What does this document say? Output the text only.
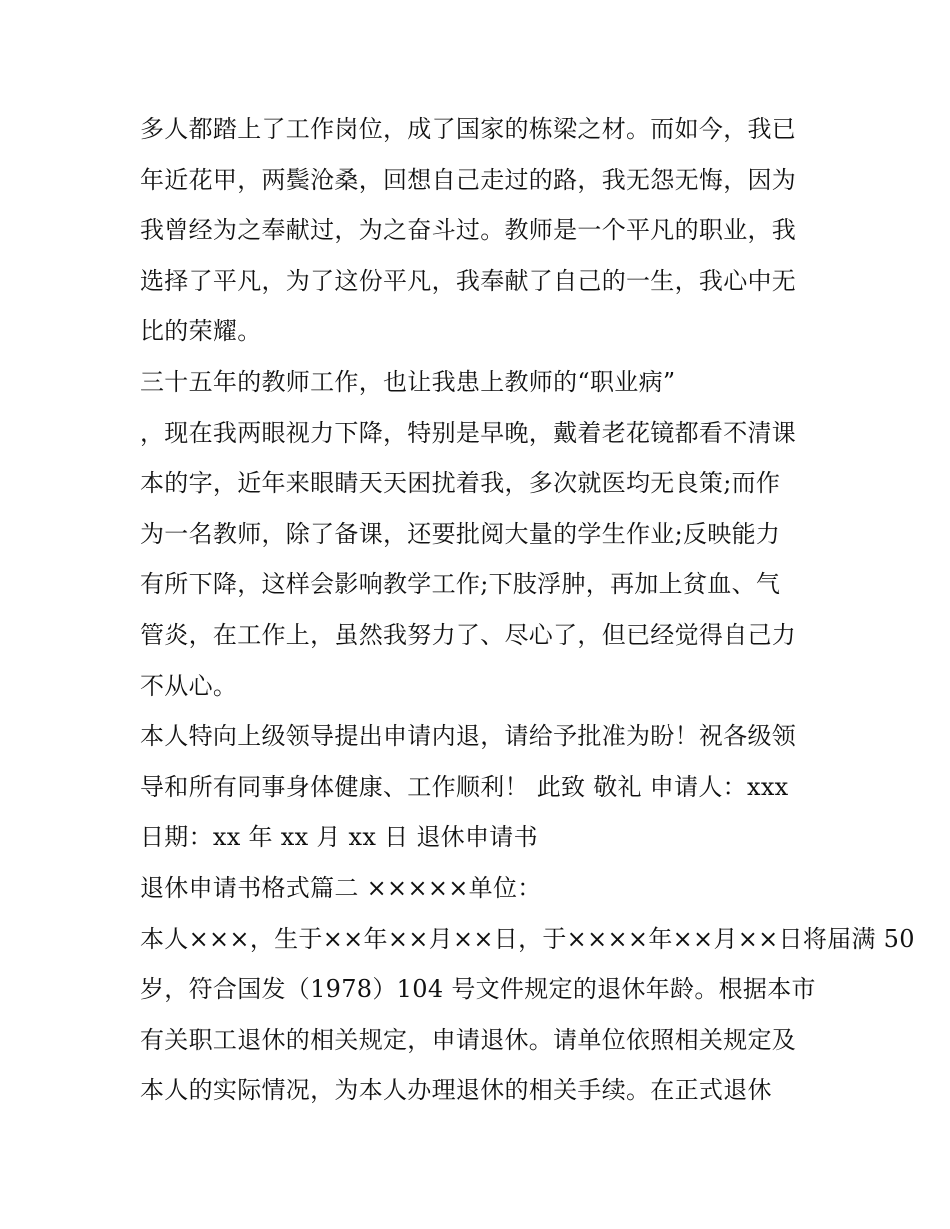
多人都踏上了工作岗位，成了国家的栋梁之材。而如今，我已
年近花甲，两鬓沧桑，回想自己走过的路，我无怨无悔，因为
我曾经为之奉献过，为之奋斗过。教师是一个平凡的职业，我
选择了平凡，为了这份平凡，我奉献了自己的一生，我心中无
比的荣耀。
三十五年的教师工作，也让我患上教师的“职业病”
，现在我两眼视力下降，特别是早晚，戴着老花镜都看不清课
本的字，近年来眼睛天天困扰着我，多次就医均无良策;而作
为一名教师，除了备课，还要批阅大量的学生作业;反映能力
有所下降，这样会影响教学工作;下肢浮肿，再加上贫血、气
管炎，在工作上，虽然我努力了、尽心了，但已经觉得自己力
不从心。
本人特向上级领导提出申请内退，请给予批准为盼！祝各级领
导和所有同事身体健康、工作顺利！ 此致 敬礼 申请人：xxx
日期：xx 年 xx 月 xx 日 退休申请书
退休申请书格式篇二 ×××××单位：
本人×××，生于××年××月××日，于××××年××月××日将届满 50
岁，符合国发（1978）104 号文件规定的退休年龄。根据本市
有关职工退休的相关规定，申请退休。请单位依照相关规定及
本人的实际情况，为本人办理退休的相关手续。在正式退休
